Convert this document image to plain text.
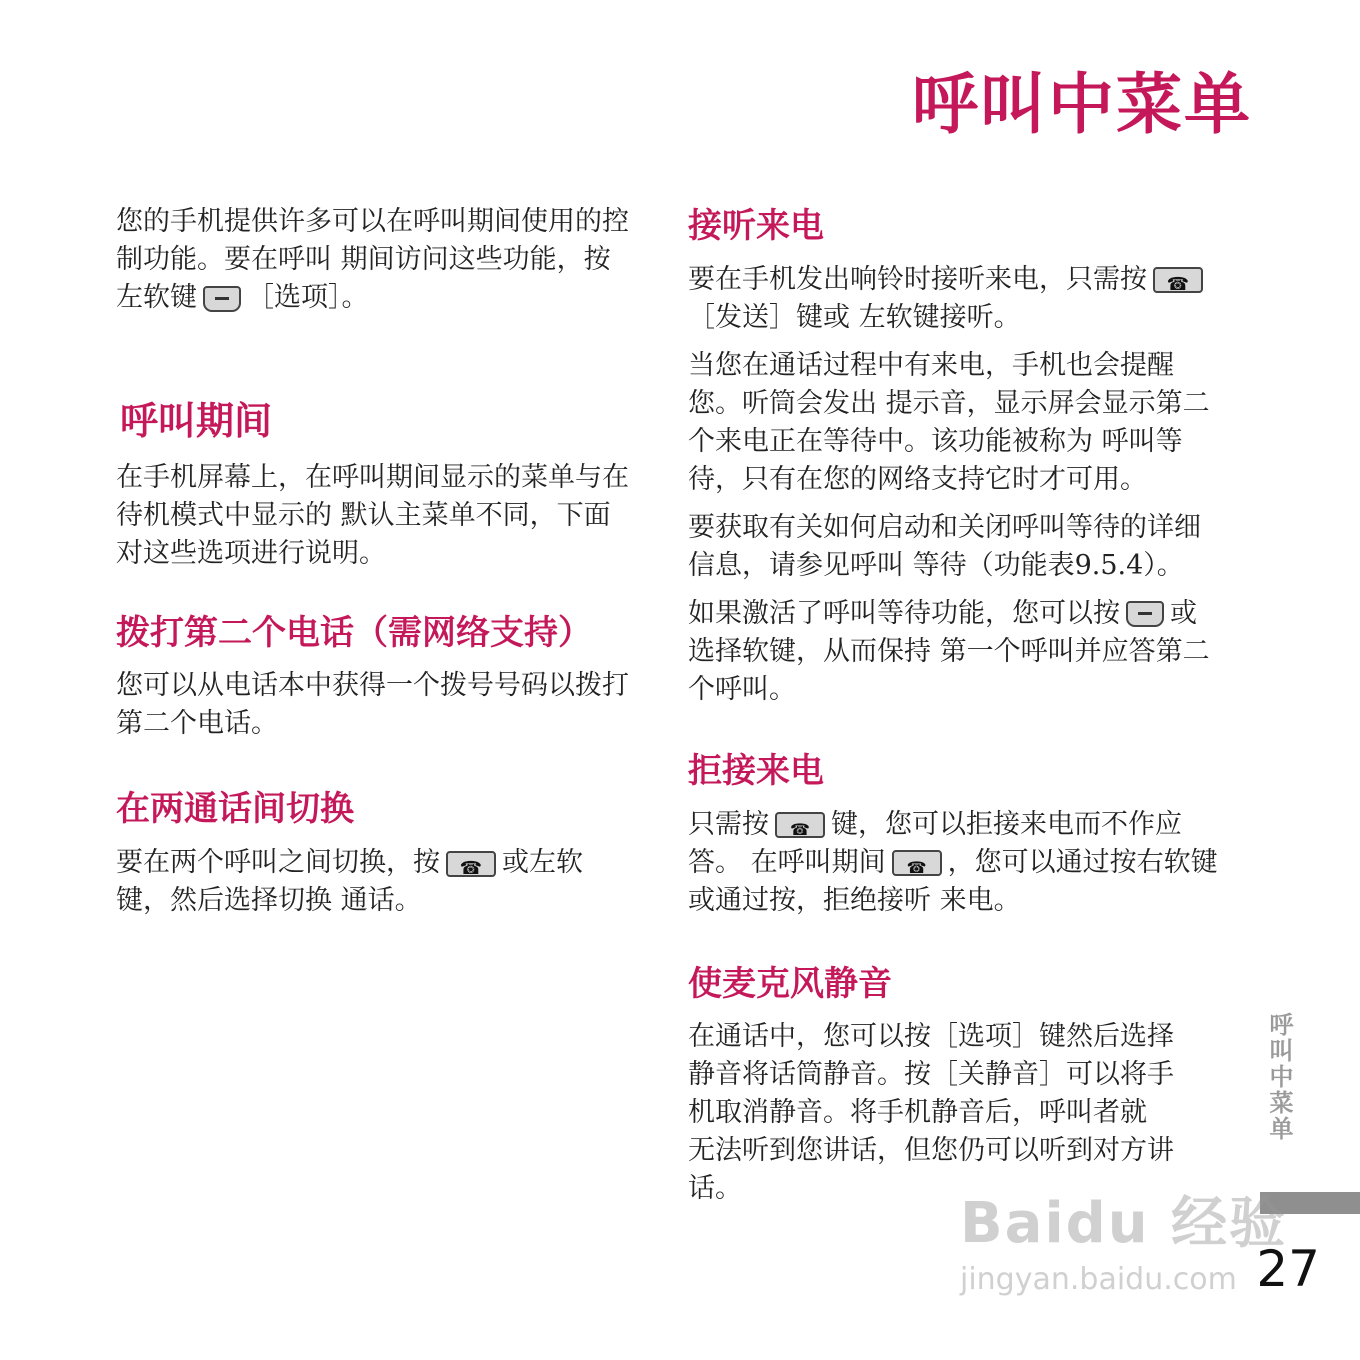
呼叫中菜单

您的手机提供许多可以在呼叫期间使用的控制功能。要在呼叫 期间访问这些功能，按左软键 ［选项］。

呼叫期间

在手机屏幕上，在呼叫期间显示的菜单与在待机模式中显示的 默认主菜单不同，下面对这些选项进行说明。

拨打第二个电话（需网络支持）

您可以从电话本中获得一个拨号号码以拨打第二个电话。

在两通话间切换

要在两个呼叫之间切换，按 ☎ 或左软键，然后选择切换 通话。

接听来电

要在手机发出响铃时接听来电，只需按☎［发送］键或 左软键接听。

当您在通话过程中有来电，手机也会提醒您。听筒会发出 提示音，显示屏会显示第二个来电正在等待中。该功能被称为 呼叫等待，只有在您的网络支持它时才可用。

要获取有关如何启动和关闭呼叫等待的详细信息，请参见呼叫 等待（功能表9.5.4）。

如果激活了呼叫等待功能，您可以按 或选择软键，从而保持 第一个呼叫并应答第二个呼叫。

拒接来电

只需按 ☎ 键，您可以拒接来电而不作应答。 在呼叫期间 ☎ ，您可以通过按右软键或通过按，拒绝接听 来电。

使麦克风静音

在通话中，您可以按［选项］键然后选择静音将话筒静音。按［关静音］可以将手机取消静音。将手机静音后，呼叫者就 无法听到您讲话，但您仍可以听到对方讲话。

呼叫中菜单
Baidu 经验
jingyan.baidu.com 27
